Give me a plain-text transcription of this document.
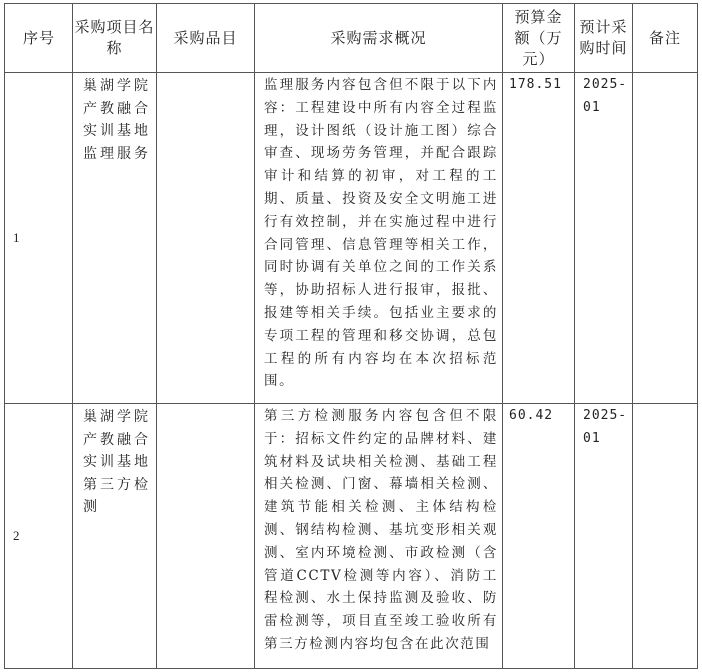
序号	采购项目名称	采购品目	采购需求概况	预算金额（万元）	预计采购时间	备注
1	巢湖学院产教融合实训基地监理服务		监理服务内容包含但不限于以下内容：工程建设中所有内容全过程监理，设计图纸（设计施工图）综合审查、现场劳务管理，并配合跟踪审计和结算的初审，对工程的工期、质量、投资及安全文明施工进行有效控制，并在实施过程中进行合同管理、信息管理等相关工作，同时协调有关单位之间的工作关系等，协助招标人进行报审，报批、报建等相关手续。包括业主要求的专项工程的管理和移交协调，总包工程的所有内容均在本次招标范围。	178.51	2025-01	
2	巢湖学院产教融合实训基地第三方检测		第三方检测服务内容包含但不限于：招标文件约定的品牌材料、建筑材料及试块相关检测、基础工程相关检测、门窗、幕墙相关检测、建筑节能相关检测、主体结构检测、钢结构检测、基坑变形相关观测、室内环境检测、市政检测（含管道CCTV检测等内容）、消防工程检测、水土保持监测及验收、防雷检测等，项目直至竣工验收所有第三方检测内容均包含在此次范围	60.42	2025-01	
